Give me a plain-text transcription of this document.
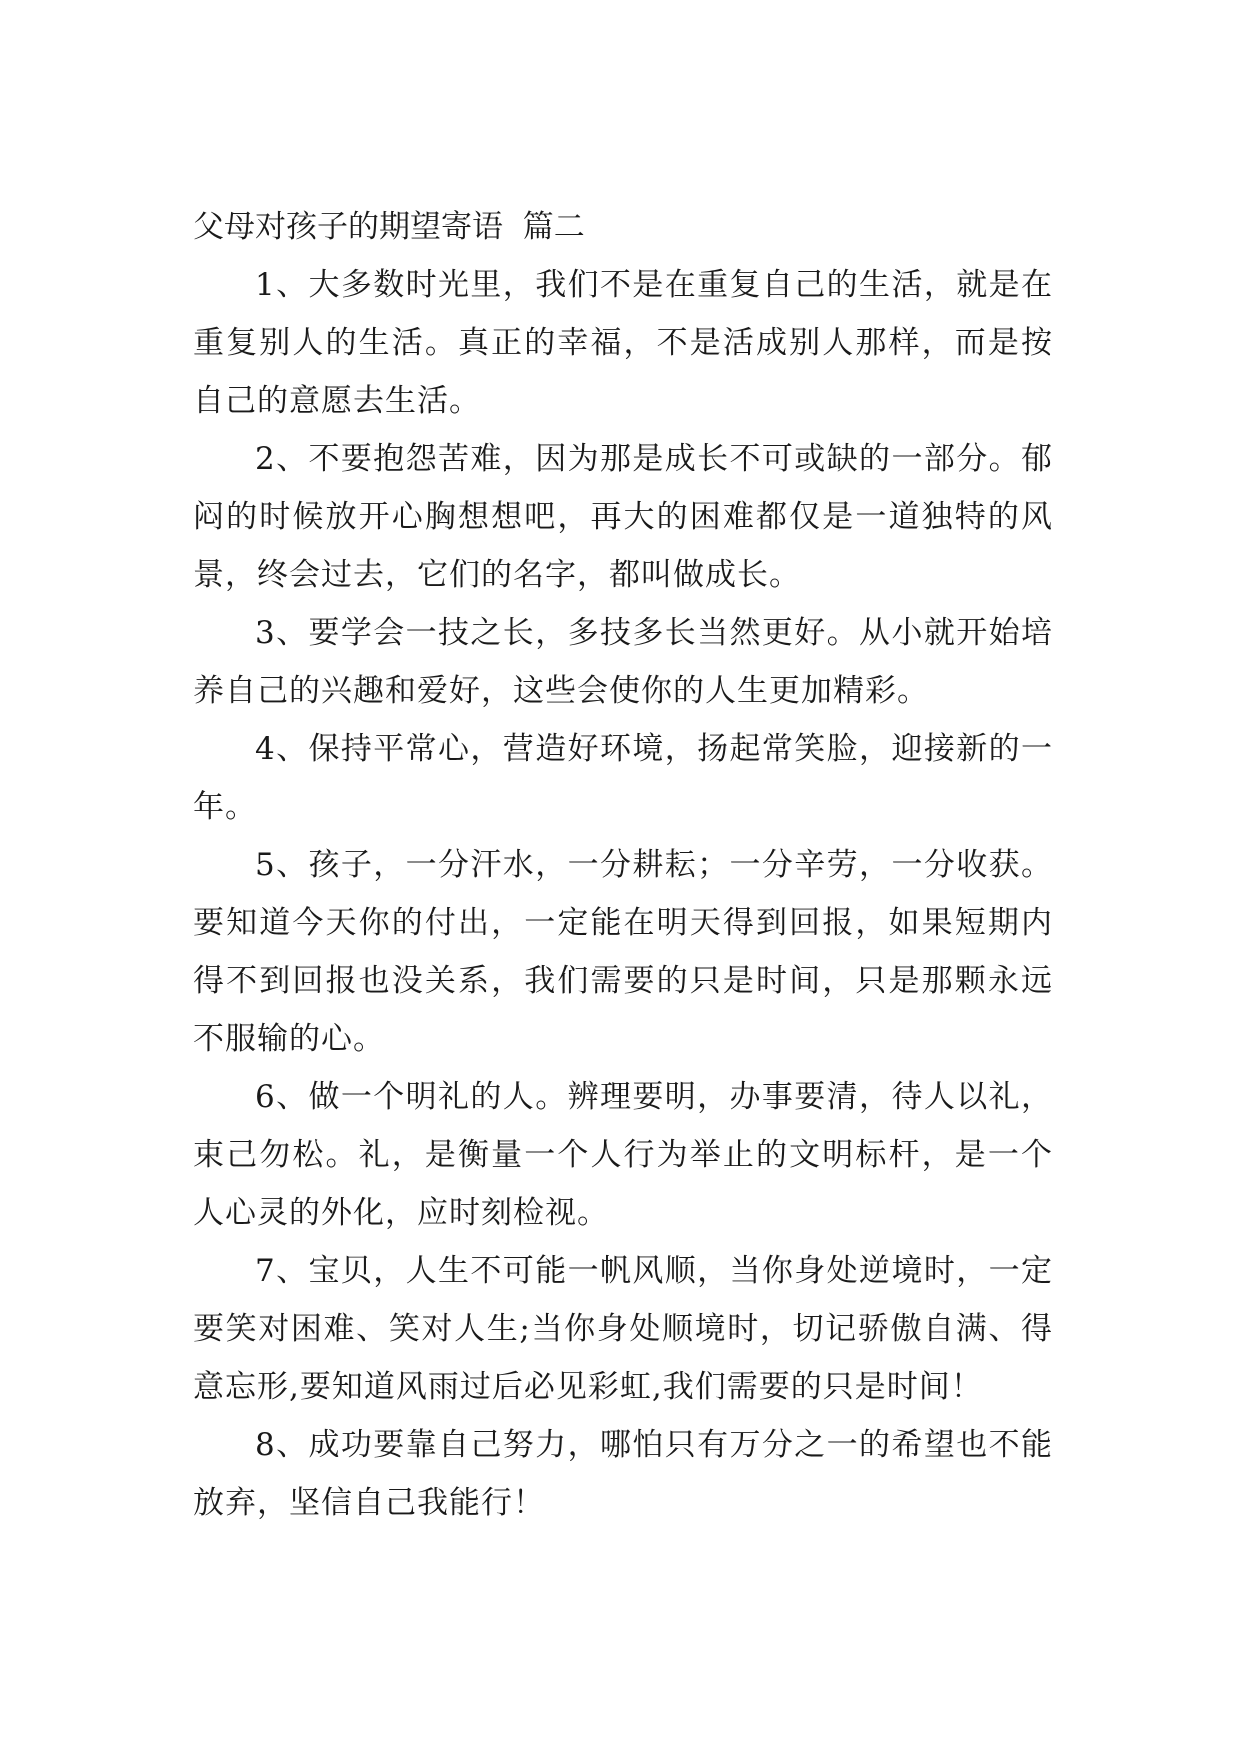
父母对孩子的期望寄语  篇二

1、大多数时光里，我们不是在重复自己的生活，就是在重复别人的生活。真正的幸福，不是活成别人那样，而是按自己的意愿去生活。

2、不要抱怨苦难，因为那是成长不可或缺的一部分。郁闷的时候放开心胸想想吧，再大的困难都仅是一道独特的风景，终会过去，它们的名字，都叫做成长。

3、要学会一技之长，多技多长当然更好。从小就开始培养自己的兴趣和爱好，这些会使你的人生更加精彩。

4、保持平常心，营造好环境，扬起常笑脸，迎接新的一年。

5、孩子，一分汗水，一分耕耘；一分辛劳，一分收获。要知道今天你的付出，一定能在明天得到回报，如果短期内得不到回报也没关系，我们需要的只是时间，只是那颗永远不服输的心。

6、做一个明礼的人。辨理要明，办事要清，待人以礼，束己勿松。礼，是衡量一个人行为举止的文明标杆，是一个人心灵的外化，应时刻检视。

7、宝贝，人生不可能一帆风顺，当你身处逆境时，一定要笑对困难、笑对人生;当你身处顺境时，切记骄傲自满、得意忘形,要知道风雨过后必见彩虹,我们需要的只是时间！

8、成功要靠自己努力，哪怕只有万分之一的希望也不能放弃，坚信自己我能行！
